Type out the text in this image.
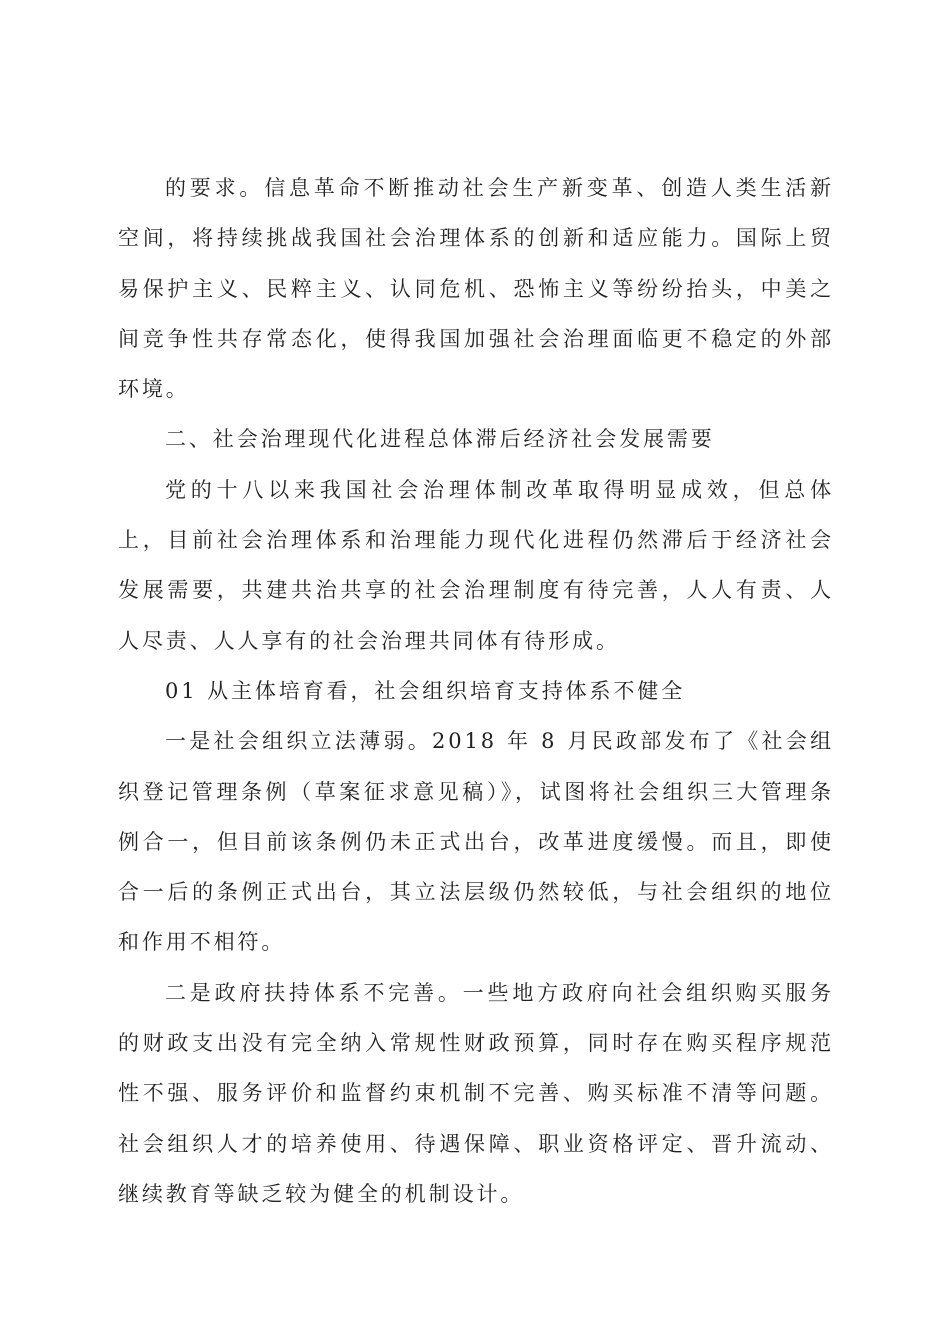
的要求。信息革命不断推动社会生产新变革、创造人类生活新空间，将持续挑战我国社会治理体系的创新和适应能力。国际上贸易保护主义、民粹主义、认同危机、恐怖主义等纷纷抬头，中美之间竞争性共存常态化，使得我国加强社会治理面临更不稳定的外部环境。

二、社会治理现代化进程总体滞后经济社会发展需要

党的十八以来我国社会治理体制改革取得明显成效，但总体上，目前社会治理体系和治理能力现代化进程仍然滞后于经济社会发展需要，共建共治共享的社会治理制度有待完善，人人有责、人人尽责、人人享有的社会治理共同体有待形成。

01 从主体培育看，社会组织培育支持体系不健全

一是社会组织立法薄弱。2018 年 8 月民政部发布了《社会组织登记管理条例（草案征求意见稿）》，试图将社会组织三大管理条例合一，但目前该条例仍未正式出台，改革进度缓慢。而且，即使合一后的条例正式出台，其立法层级仍然较低，与社会组织的地位和作用不相符。

二是政府扶持体系不完善。一些地方政府向社会组织购买服务的财政支出没有完全纳入常规性财政预算，同时存在购买程序规范性不强、服务评价和监督约束机制不完善、购买标准不清等问题。社会组织人才的培养使用、待遇保障、职业资格评定、晋升流动、继续教育等缺乏较为健全的机制设计。
